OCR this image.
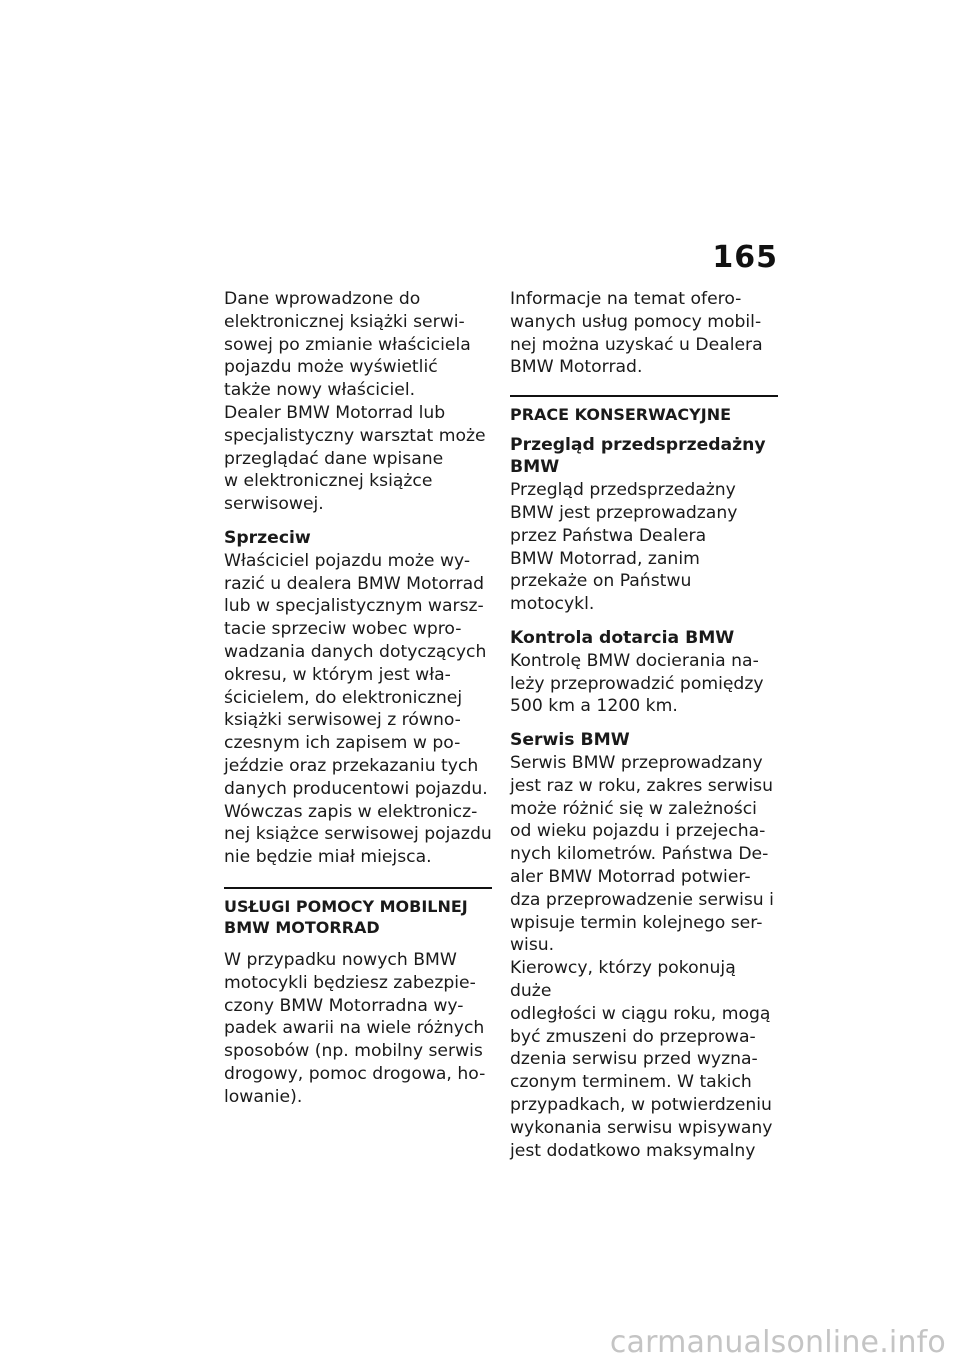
165

Dane wprowadzone do
elektronicznej książki serwi-
sowej po zmianie właściciela
pojazdu może wyświetlić
także nowy właściciel.

Dealer BMW Motorrad lub
specjalistyczny warsztat może
przeglądać dane wpisane
w elektronicznej książce
serwisowej.

Sprzeciw

Właściciel pojazdu może wy-
razić u dealera BMW Motorrad
lub w specjalistycznym warsz-
tacie sprzeciw wobec wpro-
wadzania danych dotyczących
okresu, w którym jest wła-
ścicielem, do elektronicznej
książki serwisowej z równo-
czesnym ich zapisem w po-
jeździe oraz przekazaniu tych
danych producentowi pojazdu.
Wówczas zapis w elektronicz-
nej książce serwisowej pojazdu
nie będzie miał miejsca.

USŁUGI POMOCY MOBILNEJ
BMW MOTORRAD

W przypadku nowych BMW
motocykli będziesz zabezpie-
czony BMW Motorradna wy-
padek awarii na wiele różnych
sposobów (np. mobilny serwis
drogowy, pomoc drogowa, ho-
lowanie).

Informacje na temat ofero-
wanych usług pomocy mobil-
nej można uzyskać u Dealera
BMW Motorrad.

PRACE KONSERWACYJNE
Przegląd przedsprzedażny
BMW

Przegląd przedsprzedażny
BMW jest przeprowadzany
przez Państwa Dealera
BMW Motorrad, zanim
przekaże on Państwu motocykl.

Kontrola dotarcia BMW

Kontrolę BMW docierania na-
leży przeprowadzić pomiędzy
500 km a 1200 km.

Serwis BMW

Serwis BMW przeprowadzany
jest raz w roku, zakres serwisu
może różnić się w zależności
od wieku pojazdu i przejecha-
nych kilometrów. Państwa De-
aler BMW Motorrad potwier-
dza przeprowadzenie serwisu i
wpisuje termin kolejnego ser-
wisu.

Kierowcy, którzy pokonują duże
odległości w ciągu roku, mogą
być zmuszeni do przeprowa-
dzenia serwisu przed wyzna-
czonym terminem. W takich
przypadkach, w potwierdzeniu
wykonania serwisu wpisywany
jest dodatkowo maksymalny

carmanualsonline.info
